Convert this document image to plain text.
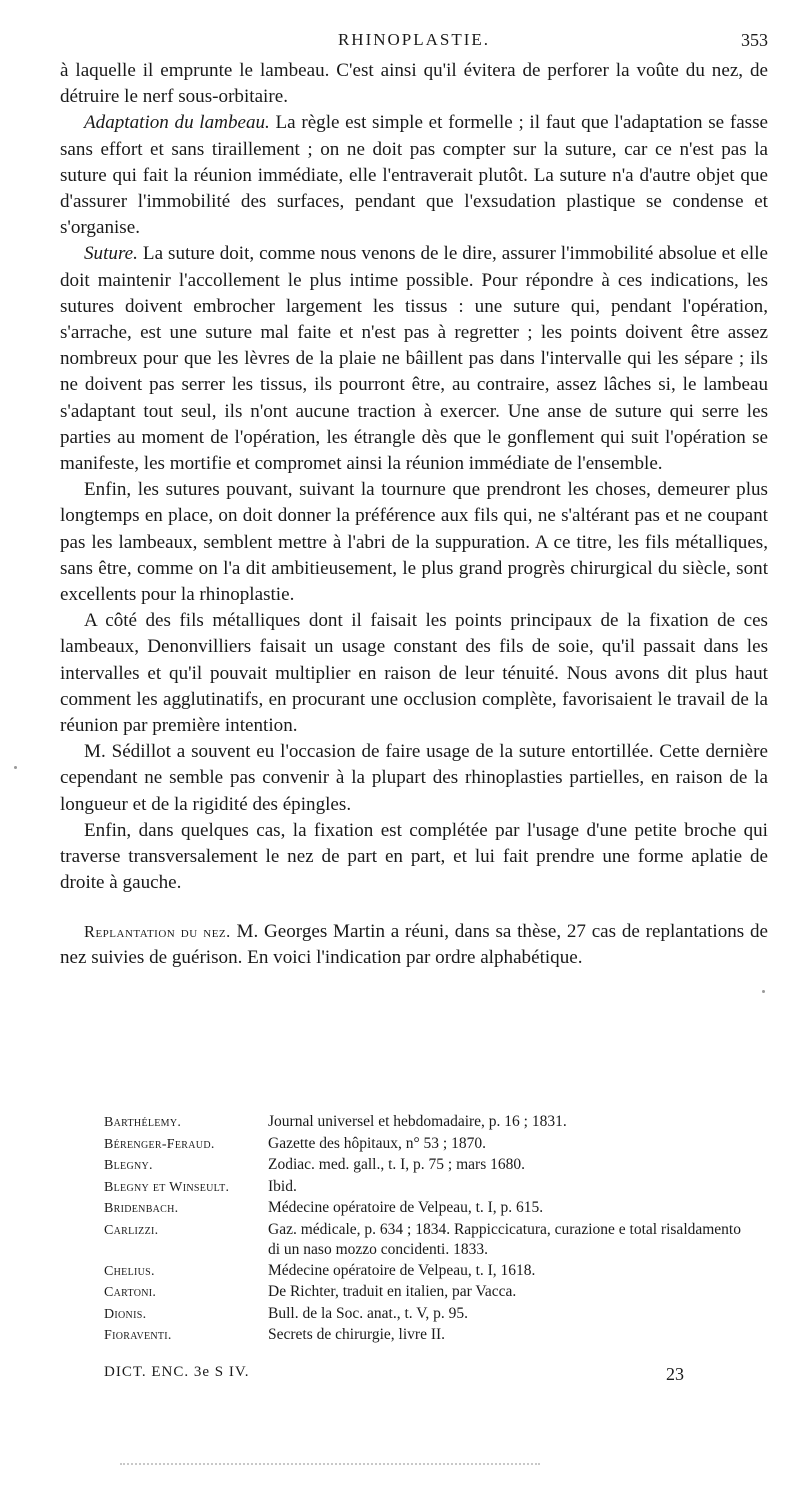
RHINOPLASTIE.	353

à laquelle il emprunte le lambeau. C'est ainsi qu'il évitera de perforer la voûte du nez, de détruire le nerf sous-orbitaire.

Adaptation du lambeau. La règle est simple et formelle ; il faut que l'adaptation se fasse sans effort et sans tiraillement ; on ne doit pas compter sur la suture, car ce n'est pas la suture qui fait la réunion immédiate, elle l'entraverait plutôt. La suture n'a d'autre objet que d'assurer l'immobilité des surfaces, pendant que l'exsudation plastique se condense et s'organise.

Suture. La suture doit, comme nous venons de le dire, assurer l'immobilité absolue et elle doit maintenir l'accollement le plus intime possible. Pour répondre à ces indications, les sutures doivent embrocher largement les tissus : une suture qui, pendant l'opération, s'arrache, est une suture mal faite et n'est pas à regretter ; les points doivent être assez nombreux pour que les lèvres de la plaie ne bâillent pas dans l'intervalle qui les sépare ; ils ne doivent pas serrer les tissus, ils pourront être, au contraire, assez lâches si, le lambeau s'adaptant tout seul, ils n'ont aucune traction à exercer. Une anse de suture qui serre les parties au moment de l'opération, les étrangle dès que le gonflement qui suit l'opération se manifeste, les mortifie et compromet ainsi la réunion immédiate de l'ensemble.

Enfin, les sutures pouvant, suivant la tournure que prendront les choses, demeurer plus longtemps en place, on doit donner la préférence aux fils qui, ne s'altérant pas et ne coupant pas les lambeaux, semblent mettre à l'abri de la suppuration. A ce titre, les fils métalliques, sans être, comme on l'a dit ambitieusement, le plus grand progrès chirurgical du siècle, sont excellents pour la rhinoplastie.

A côté des fils métalliques dont il faisait les points principaux de la fixation de ces lambeaux, Denonvilliers faisait un usage constant des fils de soie, qu'il passait dans les intervalles et qu'il pouvait multiplier en raison de leur ténuité. Nous avons dit plus haut comment les agglutinatifs, en procurant une occlusion complète, favorisaient le travail de la réunion par première intention.

M. Sédillot a souvent eu l'occasion de faire usage de la suture entortillée. Cette dernière cependant ne semble pas convenir à la plupart des rhinoplasties partielles, en raison de la longueur et de la rigidité des épingles.

Enfin, dans quelques cas, la fixation est complétée par l'usage d'une petite broche qui traverse transversalement le nez de part en part, et lui fait prendre une forme aplatie de droite à gauche.

Replantation du nez. M. Georges Martin a réuni, dans sa thèse, 27 cas de replantations de nez suivies de guérison. En voici l'indication par ordre alphabétique.

Barthélemy.	Journal universel et hebdomadaire, p. 16 ; 1831.
Bérenger-Feraud.	Gazette des hôpitaux, n° 53 ; 1870.
Blegny.	Zodiac. med. gall., t. I, p. 75 ; mars 1680.
Blegny et Winseult.	Ibid.
Bridenbach.	Médecine opératoire de Velpeau, t. I, p. 615.
Carlizzi.	Gaz. médicale, p. 634 ; 1834. Rappiccicatura, curazione e total risaldamento di un naso mozzo concidenti. 1833.
Chelius.	Médecine opératoire de Velpeau, t. I, 1618.
Cartoni.	De Richter, traduit en italien, par Vacca.
Dionis.	Bull. de la Soc. anat., t. V, p. 95.
Fioraventi.	Secrets de chirurgie, livre II.
DICT. ENC. 3e S IV.	23
